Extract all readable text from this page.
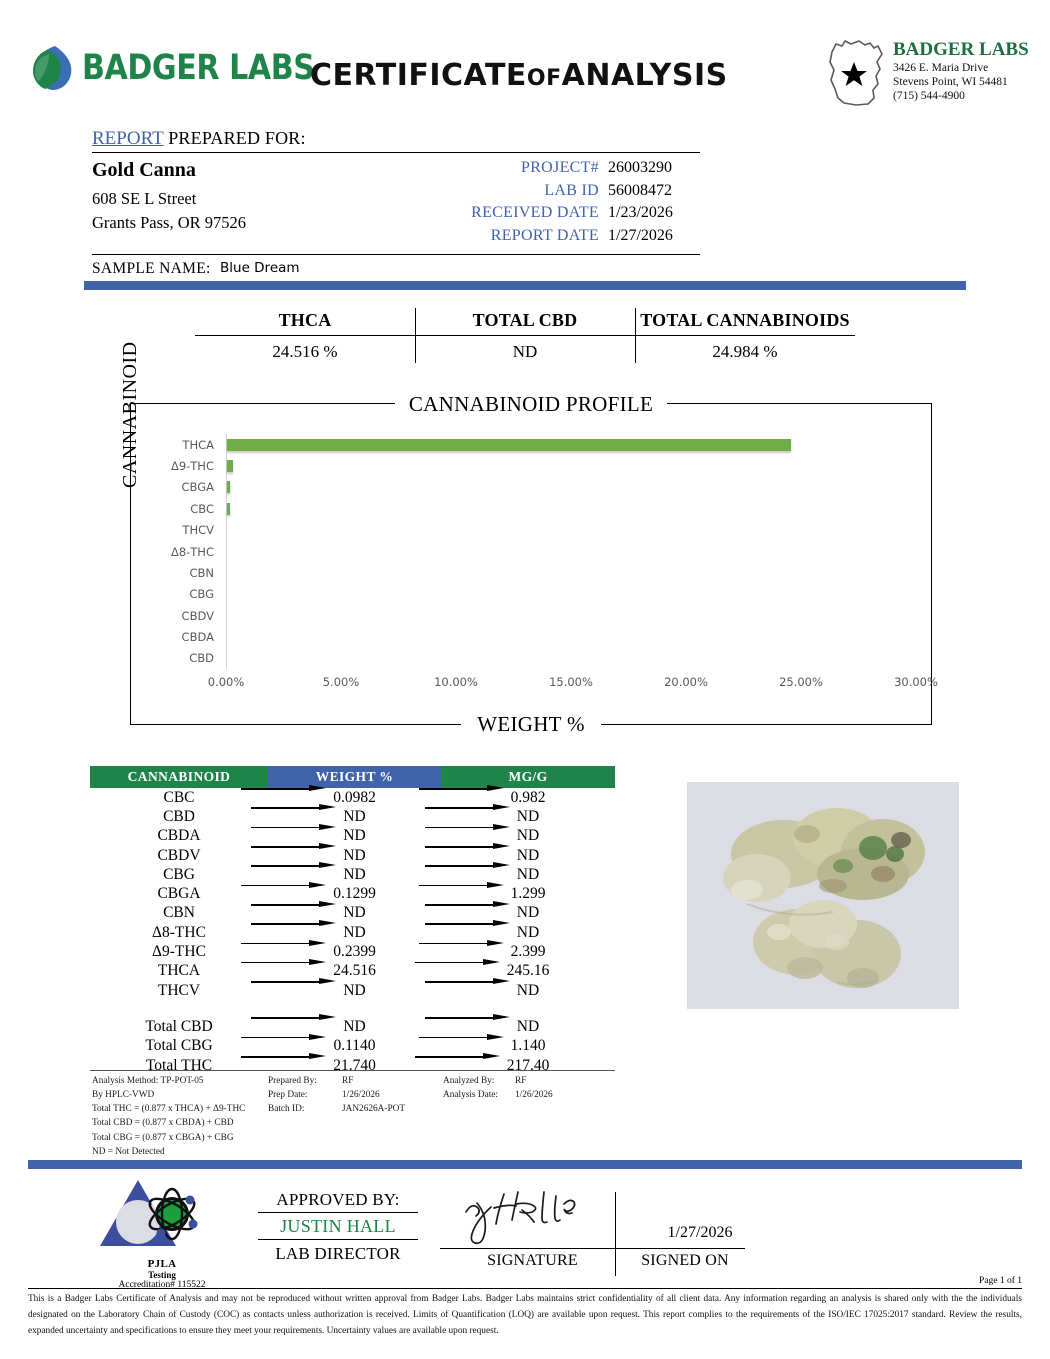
BADGER LABS
CERTIFICATEOFANALYSIS
BADGER LABS
3426 E. Maria Drive
Stevens Point, WI 54481
(715) 544-4900
REPORT PREPARED FOR:
Gold Canna
608 SE L Street
Grants Pass, OR 97526
PROJECT# 26003290
LAB ID 56008472
RECEIVED DATE 1/23/2026
REPORT DATE 1/27/2026
SAMPLE NAME: Blue Dream
THCA	TOTAL CBD	TOTAL CANNABINOIDS
24.516 %	ND	24.984 %
CANNABINOID PROFILE
CANNABINOID	THCA
Δ9-THC
CBGA
CBC
THCV
Δ8-THC
CBN
CBG
CBDV
CBDA
CBD
0.00%	5.00%	10.00%	15.00%	20.00%	25.00%	30.00%
WEIGHT %
CANNABINOID	WEIGHT %	MG/G
CBC	0.0982	0.982
CBD	ND	ND
CBDA	ND	ND
CBDV	ND	ND
CBG	ND	ND
CBGA	0.1299	1.299
CBN	ND	ND
Δ8-THC	ND	ND
Δ9-THC	0.2399	2.399
THCA	24.516	245.16
THCV	ND	ND
Total CBD	ND	ND
Total CBG	0.1140	1.140
Total THC	21.740	217.40
Analysis Method: TP-POT-05
By HPLC-VWD
Total THC = (0.877 x THCA) + Δ9-THC
Total CBD = (0.877 x CBDA) + CBD
Total CBG = (0.877 x CBGA) + CBG
ND = Not Detected
Prepared By:	RF
Prep Date:	1/26/2026
Batch ID:	JAN2626A-POT
Analyzed By:	RF
Analysis Date:	1/26/2026
PJLA
Testing
Accreditation# 115522
APPROVED BY:
JUSTIN HALL
LAB DIRECTOR
1/27/2026
SIGNATURE	SIGNED ON
Page 1 of 1
This is a Badger Labs Certificate of Analysis and may not be reproduced without written approval from Badger Labs. Badger Labs maintains strict confidentiality of all client data. Any information regarding an analysis is shared only with the the individuals designated on the Laboratory Chain of Custody (COC) as contacts unless authorization is received. Limits of Quantification (LOQ) are available upon request. This report complies to the requirements of the ISO/IEC 17025:2017 standard. Review the results, expanded uncertainty and specifications to ensure they meet your requirements. Uncertainty values are available upon request.
